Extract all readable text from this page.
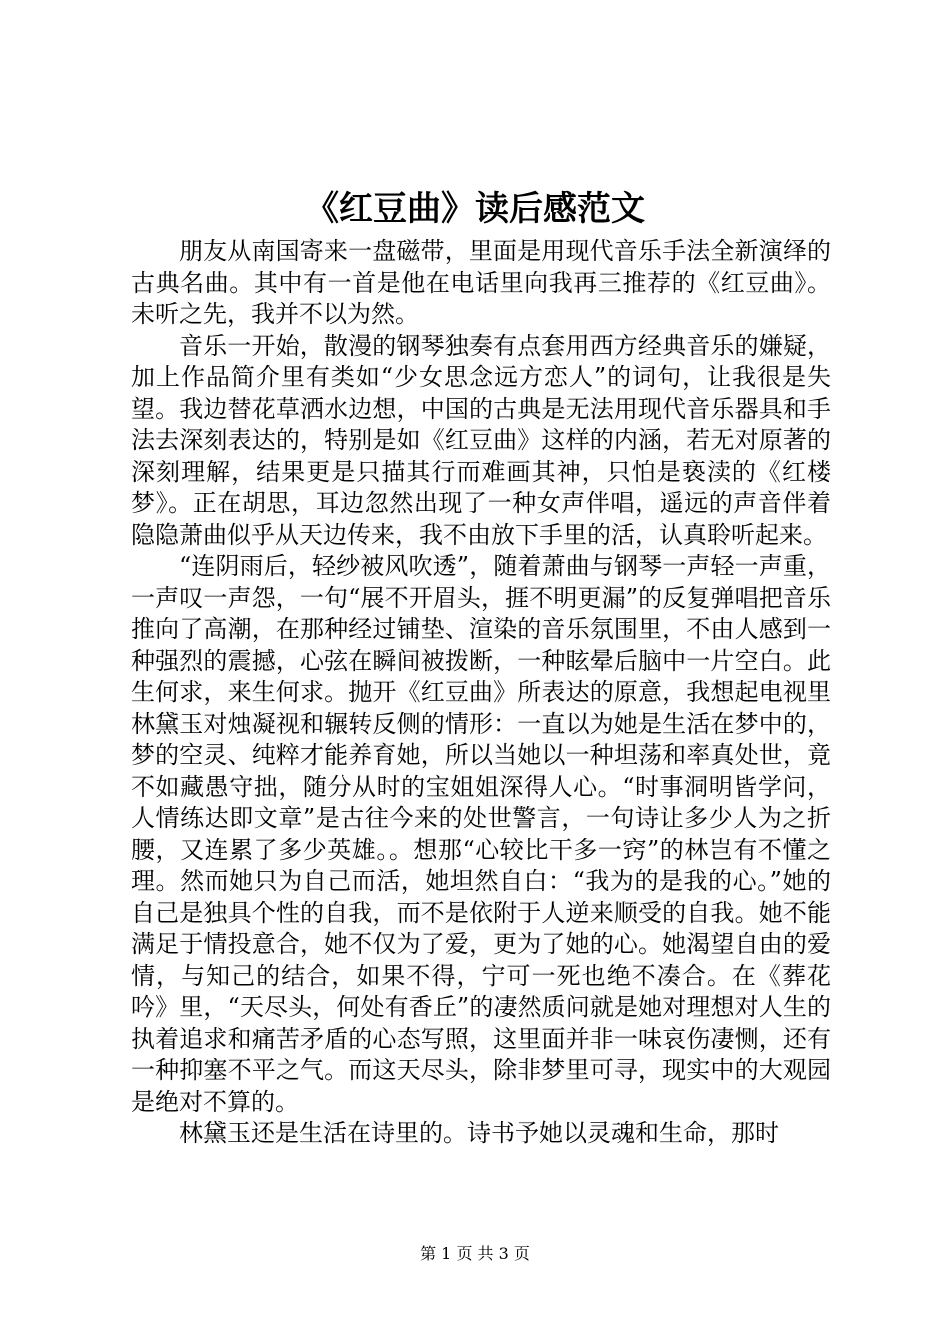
《红豆曲》读后感范文

朋友从南国寄来一盘磁带，里面是用现代音乐手法全新演绎的古典名曲。其中有一首是他在电话里向我再三推荐的《红豆曲》。未听之先，我并不以为然。

音乐一开始，散漫的钢琴独奏有点套用西方经典音乐的嫌疑，加上作品简介里有类如“少女思念远方恋人”的词句，让我很是失望。我边替花草洒水边想，中国的古典是无法用现代音乐器具和手法去深刻表达的，特别是如《红豆曲》这样的内涵，若无对原著的深刻理解，结果更是只描其行而难画其神，只怕是亵渎的《红楼梦》。正在胡思，耳边忽然出现了一种女声伴唱，遥远的声音伴着隐隐萧曲似乎从天边传来，我不由放下手里的活，认真聆听起来。

“连阴雨后，轻纱被风吹透”，随着萧曲与钢琴一声轻一声重，一声叹一声怨，一句“展不开眉头，捱不明更漏”的反复弹唱把音乐推向了高潮，在那种经过铺垫、渲染的音乐氛围里，不由人感到一种强烈的震撼，心弦在瞬间被拨断，一种眩晕后脑中一片空白。此生何求，来生何求。抛开《红豆曲》所表达的原意，我想起电视里林黛玉对烛凝视和辗转反侧的情形：一直以为她是生活在梦中的，梦的空灵、纯粹才能养育她，所以当她以一种坦荡和率真处世，竟不如藏愚守拙，随分从时的宝姐姐深得人心。“时事洞明皆学问，人情练达即文章”是古往今来的处世警言，一句诗让多少人为之折腰，又连累了多少英雄。。想那“心较比干多一窍”的林岂有不懂之理。然而她只为自己而活，她坦然自白：“我为的是我的心。”她的自己是独具个性的自我，而不是依附于人逆来顺受的自我。她不能满足于情投意合，她不仅为了爱，更为了她的心。她渴望自由的爱情，与知己的结合，如果不得，宁可一死也绝不凑合。在《葬花吟》里，“天尽头，何处有香丘”的凄然质问就是她对理想对人生的执着追求和痛苦矛盾的心态写照，这里面并非一味哀伤凄恻，还有一种抑塞不平之气。而这天尽头，除非梦里可寻，现实中的大观园是绝对不算的。

林黛玉还是生活在诗里的。诗书予她以灵魂和生命，那时

第 1 页 共 3 页
